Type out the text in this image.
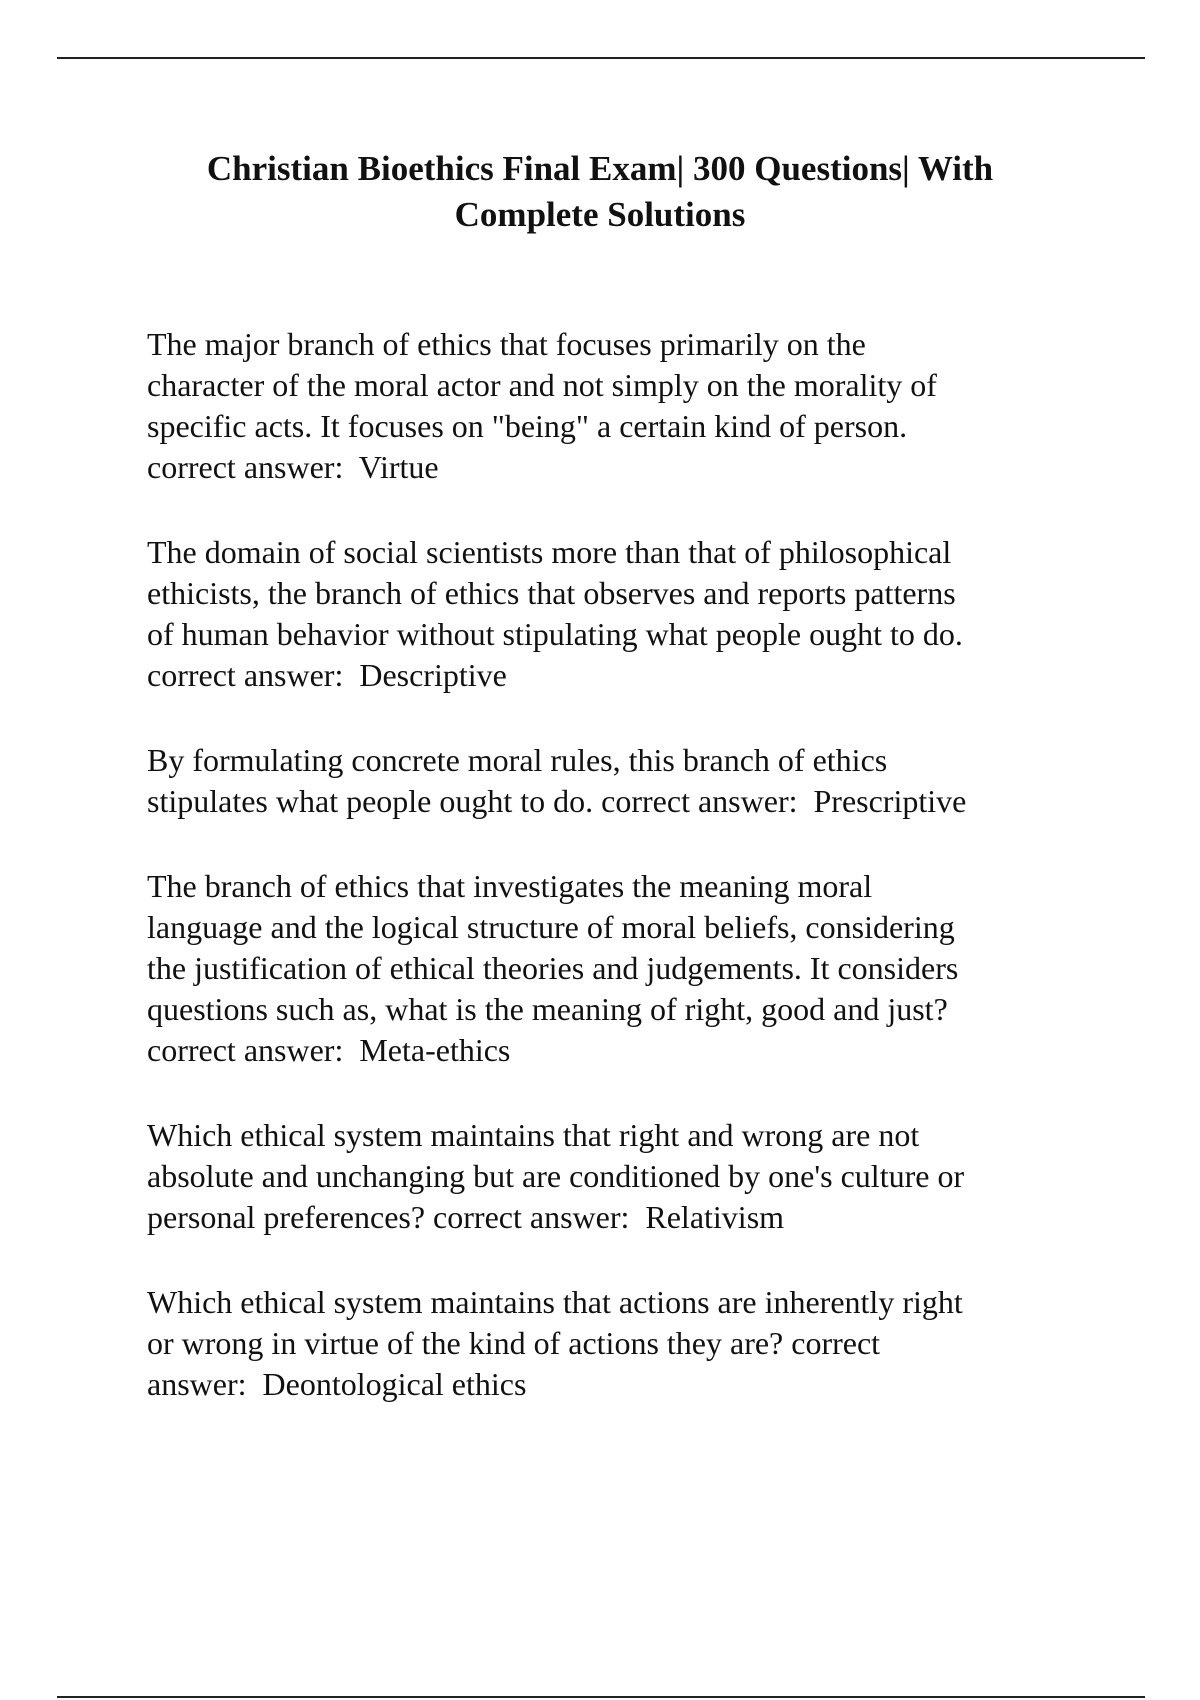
Christian Bioethics Final Exam| 300 Questions| With
Complete Solutions
The major branch of ethics that focuses primarily on the
character of the moral actor and not simply on the morality of
specific acts. It focuses on "being" a certain kind of person.
correct answer:  Virtue
The domain of social scientists more than that of philosophical
ethicists, the branch of ethics that observes and reports patterns
of human behavior without stipulating what people ought to do.
correct answer:  Descriptive
By formulating concrete moral rules, this branch of ethics
stipulates what people ought to do. correct answer:  Prescriptive
The branch of ethics that investigates the meaning moral
language and the logical structure of moral beliefs, considering
the justification of ethical theories and judgements. It considers
questions such as, what is the meaning of right, good and just?
correct answer:  Meta-ethics
Which ethical system maintains that right and wrong are not
absolute and unchanging but are conditioned by one's culture or
personal preferences? correct answer:  Relativism
Which ethical system maintains that actions are inherently right
or wrong in virtue of the kind of actions they are? correct
answer:  Deontological ethics
